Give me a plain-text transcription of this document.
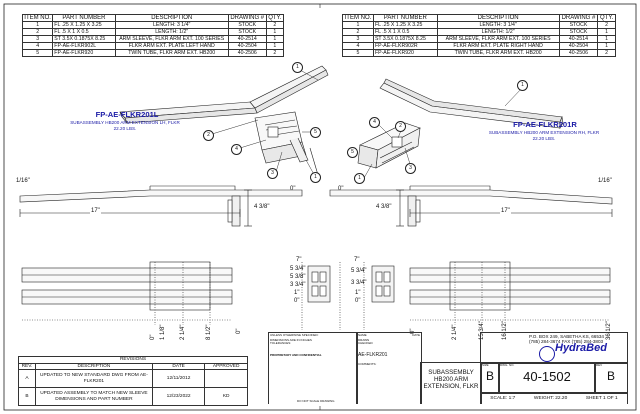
ITEM NO.	PART NUMBER	DESCRIPTION	DRAWING #	QTY.
1	FL .25 X 1.25 X 3.25	LENGTH: 3 1/4"	STOCK	2
2	FL .5 X 1 X 0.5	LENGTH: 1/2"	STOCK	1
3	ST 3.5X 0.1875X 8.25	ARM SLEEVE, FLKR ARM EXT. 100 SERIES	40-2514	1
4	FP-AE-FLKR902L	FLKR ARM EXT. PLATE LEFT HAND	40-2504	1
5	FP-AE-FLKR920	TWIN TUBE, FLKR ARM EXT. HB200	40-2506	2
ITEM NO.	PART NUMBER	DESCRIPTION	DRAWING #	QTY.
1	FL .25 X 1.25 X 3.25	LENGTH: 3 1/4"	STOCK	2
2	FL .5 X 1 X 0.5	LENGTH: 1/2"	STOCK	1
3	ST 3.5X 0.1875X 8.25	ARM SLEEVE, FLKR ARM EXT. 100 SERIES	40-2514	1
4	FP-AE-FLKR902R	FLKR ARM EXT. PLATE RIGHT HAND	40-2504	1
5	FP-AE-FLKR920	TWIN TUBE, FLKR ARM EXT. HB200	40-2506	2
FP-AE-FLKR201L
SUBASSEMBLY HB200 ARM EXTENSION LH, FLKR
22.20 LBS.	FP-AE-FLKR201R
SUBASSEMBLY HB200 ARM EXTENSION RH, FLKR
22.20 LBS.
1
2
4
3
5
1
1
4
2
3
5
1
17"	17"
4 3/8"	4 3/8"
1/16"	1/16"
0"	0"
7"	7"
5 3/4"
5 3/8"
3 3/4"
1"
0"
5 3/4"
3 3/4"
1"
0"
0" 1 1/8" 2 1/4"	8 1/2"	0"	0"	2 1/4"	15 3/4"	16 1/2"	36 1/2"
REVISIONS			
REV.	DESCRIPTION	DATE	APPROVED
A	UPDATED TO NEW STANDARD DWG FROM AE-FLKR201	12/11/2012	
B	UPDATED ASSEMBLY TO MATCH NEW SLEEVE DIMENSIONS AND PART NUMBER	12/23/2022	KD
UNLESS OTHERWISE SPECIFIED:
DIMENSIONS ARE IN INCHES
TOLERANCES:
PROPRIETARY AND CONFIDENTIAL
DO NOT SCALE DRAWING
NAME	DATE
DRAWN
CHECKED
AE-FLKR201
COMMENTS:
SUBASSEMBLY HB200 ARM EXTENSION, FLKR
P.O. BOX 249, SABETHA KS, 66534
(785) 284-3674 FAX (785) 284-3803
HydraBed
SIZE
B
DWG. NO.
40-1502
REV
B
SCALE: 1:7	WEIGHT: 22.20	SHEET 1 OF 1
